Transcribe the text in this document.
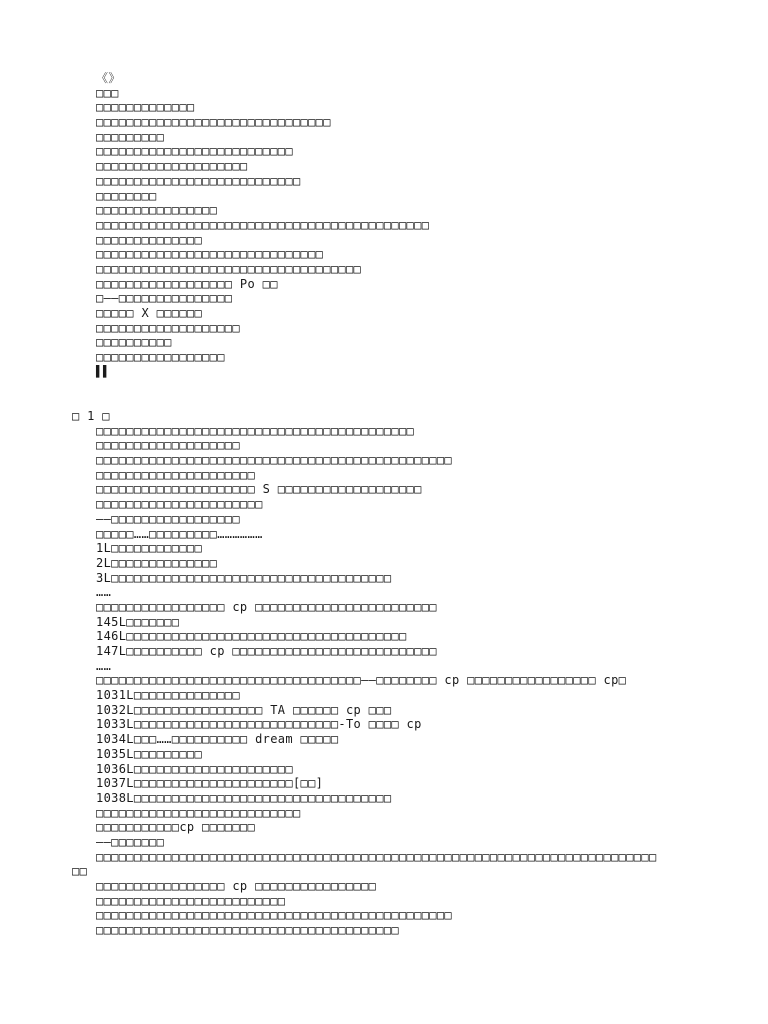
《》
□□□
□□□□□□□□□□□□□
□□□□□□□□□□□□□□□□□□□□□□□□□□□□□□□
□□□□□□□□□
□□□□□□□□□□□□□□□□□□□□□□□□□□
□□□□□□□□□□□□□□□□□□□□
□□□□□□□□□□□□□□□□□□□□□□□□□□□
□□□□□□□□
□□□□□□□□□□□□□□□□
□□□□□□□□□□□□□□□□□□□□□□□□□□□□□□□□□□□□□□□□□□□□
□□□□□□□□□□□□□□
□□□□□□□□□□□□□□□□□□□□□□□□□□□□□□
□□□□□□□□□□□□□□□□□□□□□□□□□□□□□□□□□□□
□□□□□□□□□□□□□□□□□□ Po □□
□——□□□□□□□□□□□□□□□
□□□□□ X □□□□□□
□□□□□□□□□□□□□□□□□□□
□□□□□□□□□□
□□□□□□□□□□□□□□□□□
▌▌
□ 1 □
□□□□□□□□□□□□□□□□□□□□□□□□□□□□□□□□□□□□□□□□□□
□□□□□□□□□□□□□□□□□□□
□□□□□□□□□□□□□□□□□□□□□□□□□□□□□□□□□□□□□□□□□□□□□□□
□□□□□□□□□□□□□□□□□□□□□
□□□□□□□□□□□□□□□□□□□□□ S □□□□□□□□□□□□□□□□□□□
□□□□□□□□□□□□□□□□□□□□□□
——□□□□□□□□□□□□□□□□□
□□□□□……□□□□□□□□□………………
1L□□□□□□□□□□□□
2L□□□□□□□□□□□□□□
3L□□□□□□□□□□□□□□□□□□□□□□□□□□□□□□□□□□□□□
……
□□□□□□□□□□□□□□□□□ cp □□□□□□□□□□□□□□□□□□□□□□□□
145L□□□□□□□
146L□□□□□□□□□□□□□□□□□□□□□□□□□□□□□□□□□□□□□
147L□□□□□□□□□□ cp □□□□□□□□□□□□□□□□□□□□□□□□□□□
……
□□□□□□□□□□□□□□□□□□□□□□□□□□□□□□□□□□□——□□□□□□□□ cp □□□□□□□□□□□□□□□□□ cp□
1031L□□□□□□□□□□□□□□
1032L□□□□□□□□□□□□□□□□□ TA □□□□□□ cp □□□
1033L□□□□□□□□□□□□□□□□□□□□□□□□□□□-To □□□□ cp
1034L□□□……□□□□□□□□□□ dream □□□□□
1035L□□□□□□□□□
1036L□□□□□□□□□□□□□□□□□□□□□
1037L□□□□□□□□□□□□□□□□□□□□□[□□]
1038L□□□□□□□□□□□□□□□□□□□□□□□□□□□□□□□□□□
□□□□□□□□□□□□□□□□□□□□□□□□□□□
□□□□□□□□□□□cp □□□□□□□
——□□□□□□□
□□□□□□□□□□□□□□□□□□□□□□□□□□□□□□□□□□□□□□□□□□□□□□□□□□□□□□□□□□□□□□□□□□□□□□□□□□
□□
□□□□□□□□□□□□□□□□□ cp □□□□□□□□□□□□□□□□
□□□□□□□□□□□□□□□□□□□□□□□□□
□□□□□□□□□□□□□□□□□□□□□□□□□□□□□□□□□□□□□□□□□□□□□□□
□□□□□□□□□□□□□□□□□□□□□□□□□□□□□□□□□□□□□□□□
